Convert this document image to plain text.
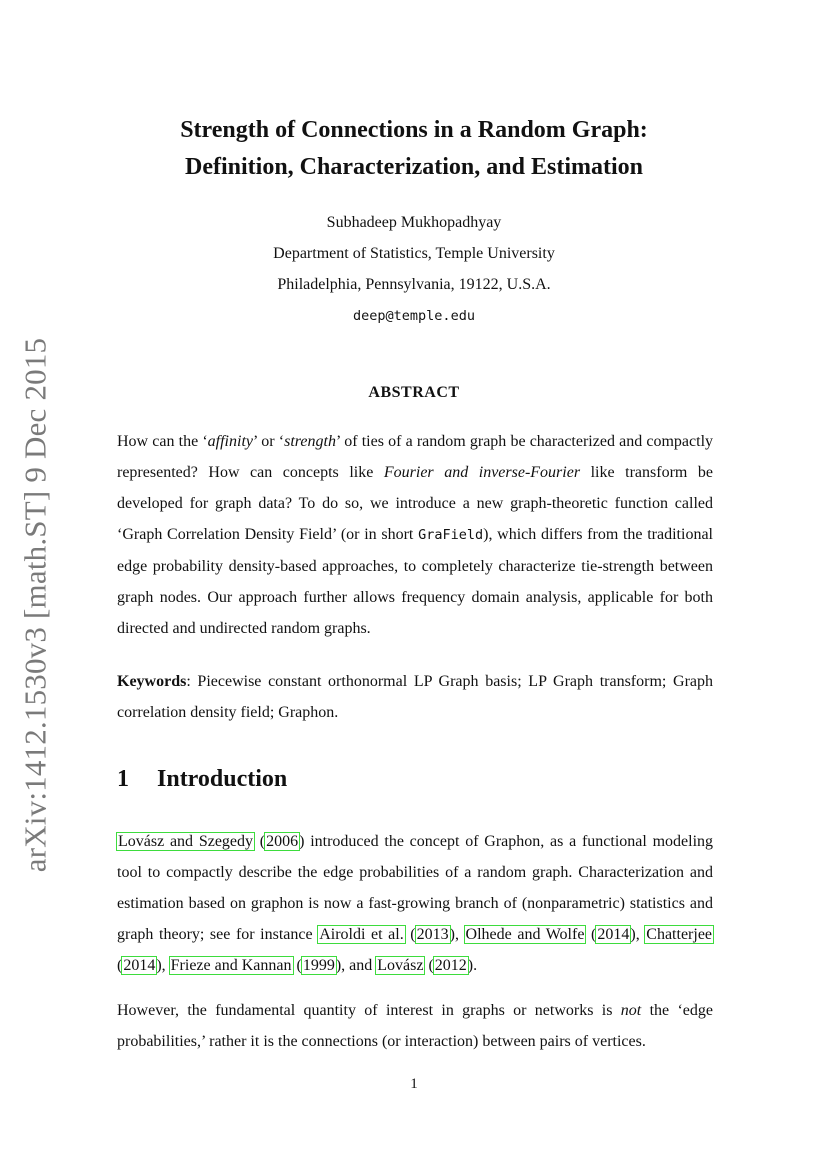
arXiv:1412.1530v3 [math.ST] 9 Dec 2015

Strength of Connections in a Random Graph:

Definition, Characterization, and Estimation

Subhadeep Mukhopadhyay
Department of Statistics, Temple University
Philadelphia, Pennsylvania, 19122, U.S.A.
deep@temple.edu
ABSTRACT

How can the ‘affinity’ or ‘strength’ of ties of a random graph be characterized and compactly represented? How can concepts like Fourier and inverse-Fourier like transform be developed for graph data? To do so, we introduce a new graph-theoretic function called ‘Graph Correlation Density Field’ (or in short GraField), which differs from the traditional edge probability density-based approaches, to completely characterize tie-strength between graph nodes. Our approach further allows frequency domain analysis, applicable for both directed and undirected random graphs.

Keywords: Piecewise constant orthonormal LP Graph basis; LP Graph transform; Graph correlation density field; Graphon.

1 Introduction

Lovász and Szegedy (2006) introduced the concept of Graphon, as a functional modeling tool to compactly describe the edge probabilities of a random graph. Characterization and estimation based on graphon is now a fast-growing branch of (nonparametric) statistics and graph theory; see for instance Airoldi et al. (2013), Olhede and Wolfe (2014), Chatterjee (2014), Frieze and Kannan (1999), and Lovász (2012).

However, the fundamental quantity of interest in graphs or networks is not the ‘edge probabilities,’ rather it is the connections (or interaction) between pairs of vertices.

1
